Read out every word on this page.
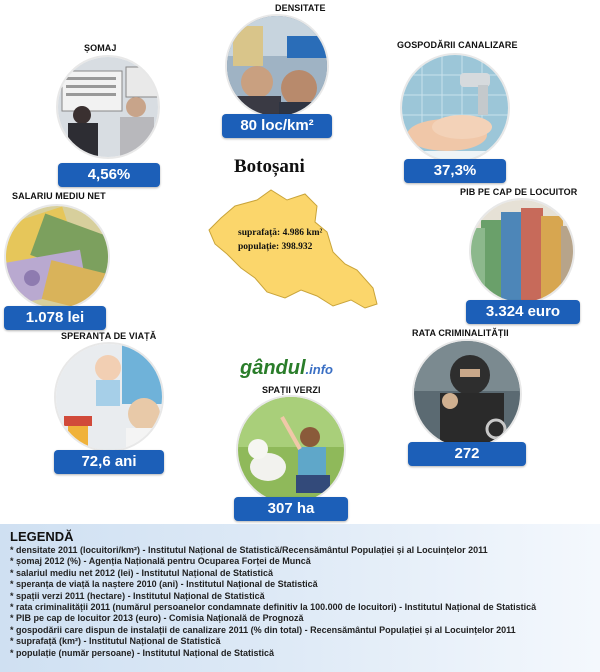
DENSITATE
80 loc/km²
ȘOMAJ
4,56%
GOSPODĂRII CANALIZARE
37,3%
SALARIU MEDIU NET
1.078 lei
Botoșani
suprafață: 4.986 km²
populație: 398.932
PIB PE CAP DE LOCUITOR
3.324 euro
SPERANȚA DE VIAȚĂ
72,6 ani
gândul.info
SPAȚII VERZI
307 ha
RATA CRIMINALITĂȚII
272
LEGENDĂ
* densitate 2011 (locuitori/km²) - Institutul Național de Statistică/Recensământul Populației și al Locuințelor 2011
* șomaj 2012 (%) - Agenția Națională pentru Ocuparea Forței de Muncă
* salariul mediu net 2012 (lei) - Institutul Național de Statistică
* speranța de viață la naștere 2010 (ani) - Institutul Național de Statistică
* spații verzi 2011 (hectare) - Institutul Național de Statistică
* rata criminalității 2011 (numărul persoanelor condamnate definitiv la 100.000 de locuitori) - Institutul Național de Statistică
* PIB pe cap de locuitor 2013 (euro) - Comisia Națională de Prognoză
* gospodării care dispun de instalații de canalizare 2011 (% din total) - Recensământul Populației și al Locuințelor 2011
* suprafață (km²) - Institutul Național de Statistică
* populație (număr persoane) - Institutul Național de Statistică
